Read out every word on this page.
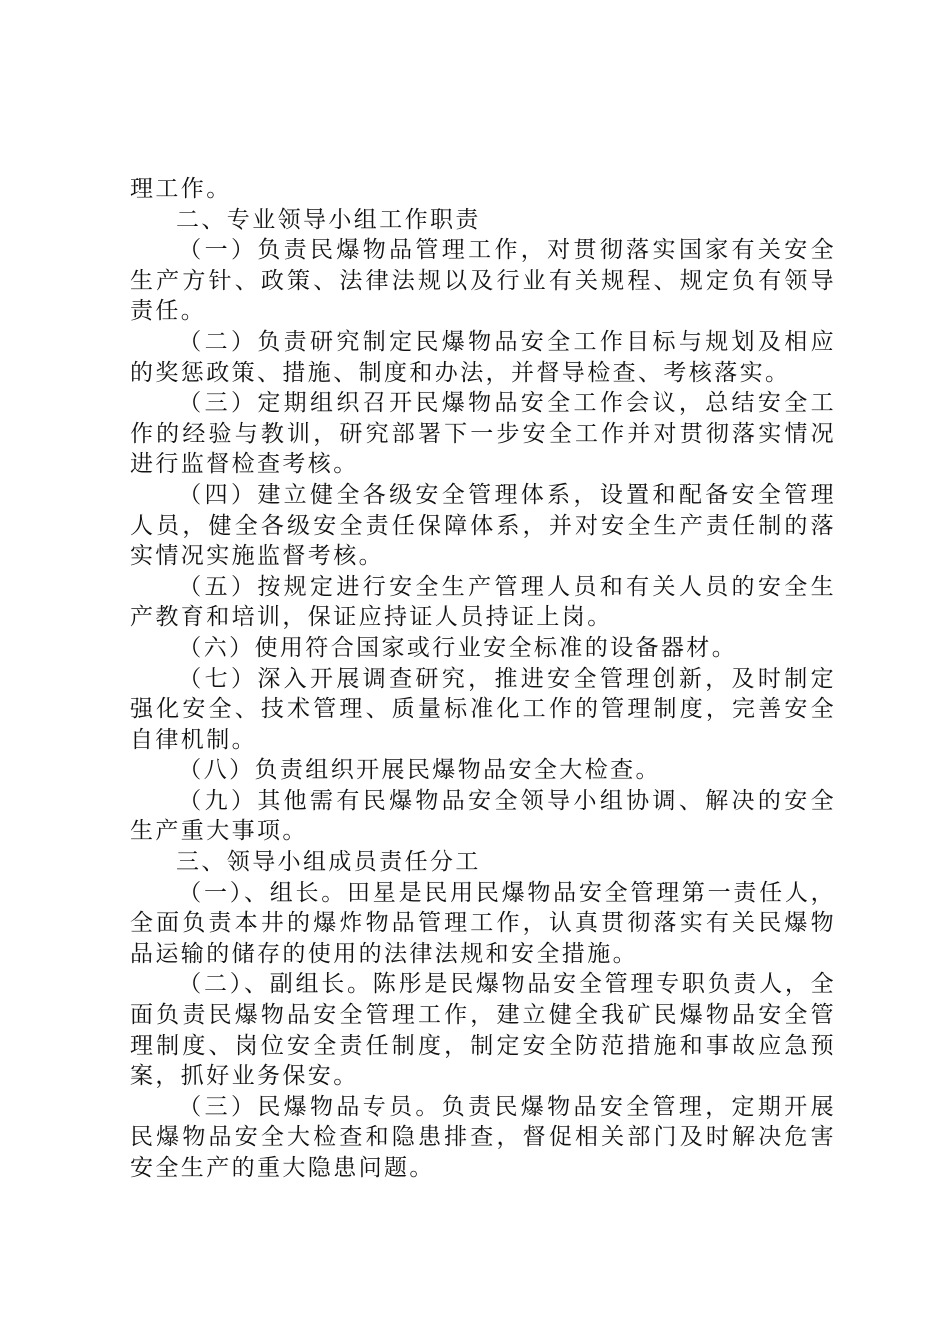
理工作。

二、专业领导小组工作职责

（一）负责民爆物品管理工作，对贯彻落实国家有关安全生产方针、政策、法律法规以及行业有关规程、规定负有领导责任。

（二）负责研究制定民爆物品安全工作目标与规划及相应的奖惩政策、措施、制度和办法，并督导检查、考核落实。

（三）定期组织召开民爆物品安全工作会议，总结安全工作的经验与教训，研究部署下一步安全工作并对贯彻落实情况进行监督检查考核。

（四）建立健全各级安全管理体系，设置和配备安全管理人员，健全各级安全责任保障体系，并对安全生产责任制的落实情况实施监督考核。

（五）按规定进行安全生产管理人员和有关人员的安全生产教育和培训，保证应持证人员持证上岗。

（六）使用符合国家或行业安全标准的设备器材。

（七）深入开展调查研究，推进安全管理创新，及时制定强化安全、技术管理、质量标准化工作的管理制度，完善安全自律机制。

（八）负责组织开展民爆物品安全大检查。

（九）其他需有民爆物品安全领导小组协调、解决的安全生产重大事项。

三、领导小组成员责任分工

（一）、组长。田星是民用民爆物品安全管理第一责任人，全面负责本井的爆炸物品管理工作，认真贯彻落实有关民爆物品运输的储存的使用的法律法规和安全措施。

（二）、副组长。陈彤是民爆物品安全管理专职负责人，全面负责民爆物品安全管理工作，建立健全我矿民爆物品安全管理制度、岗位安全责任制度，制定安全防范措施和事故应急预案，抓好业务保安。

（三）民爆物品专员。负责民爆物品安全管理，定期开展民爆物品安全大检查和隐患排查，督促相关部门及时解决危害安全生产的重大隐患问题。
